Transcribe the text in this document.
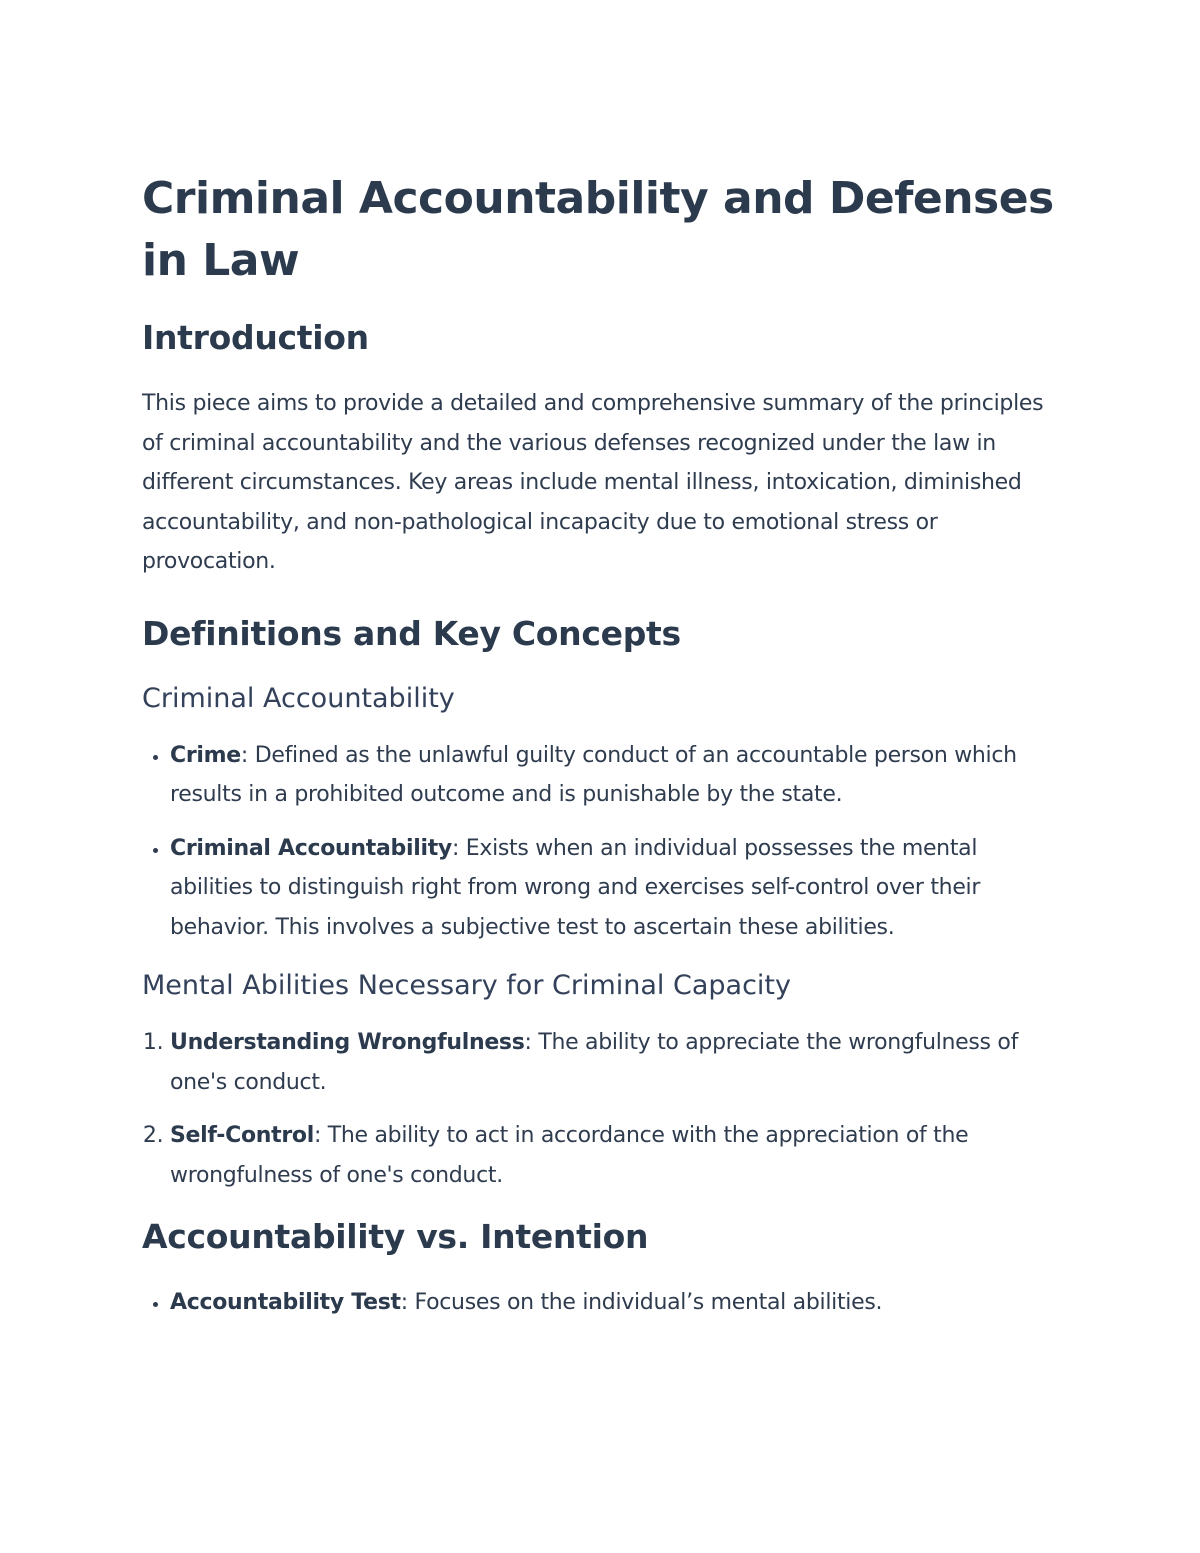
Criminal Accountability and Defenses in Law
Introduction

This piece aims to provide a detailed and comprehensive summary of the principles of criminal accountability and the various defenses recognized under the law in different circumstances. Key areas include mental illness, intoxication, diminished accountability, and non-pathological incapacity due to emotional stress or provocation.

Definitions and Key Concepts
Criminal Accountability
• Crime: Defined as the unlawful guilty conduct of an accountable person which results in a prohibited outcome and is punishable by the state.
• Criminal Accountability: Exists when an individual possesses the mental abilities to distinguish right from wrong and exercises self-control over their behavior. This involves a subjective test to ascertain these abilities.
Mental Abilities Necessary for Criminal Capacity
1. Understanding Wrongfulness: The ability to appreciate the wrongfulness of one's conduct.
2. Self-Control: The ability to act in accordance with the appreciation of the wrongfulness of one's conduct.
Accountability vs. Intention
• Accountability Test: Focuses on the individual’s mental abilities.
